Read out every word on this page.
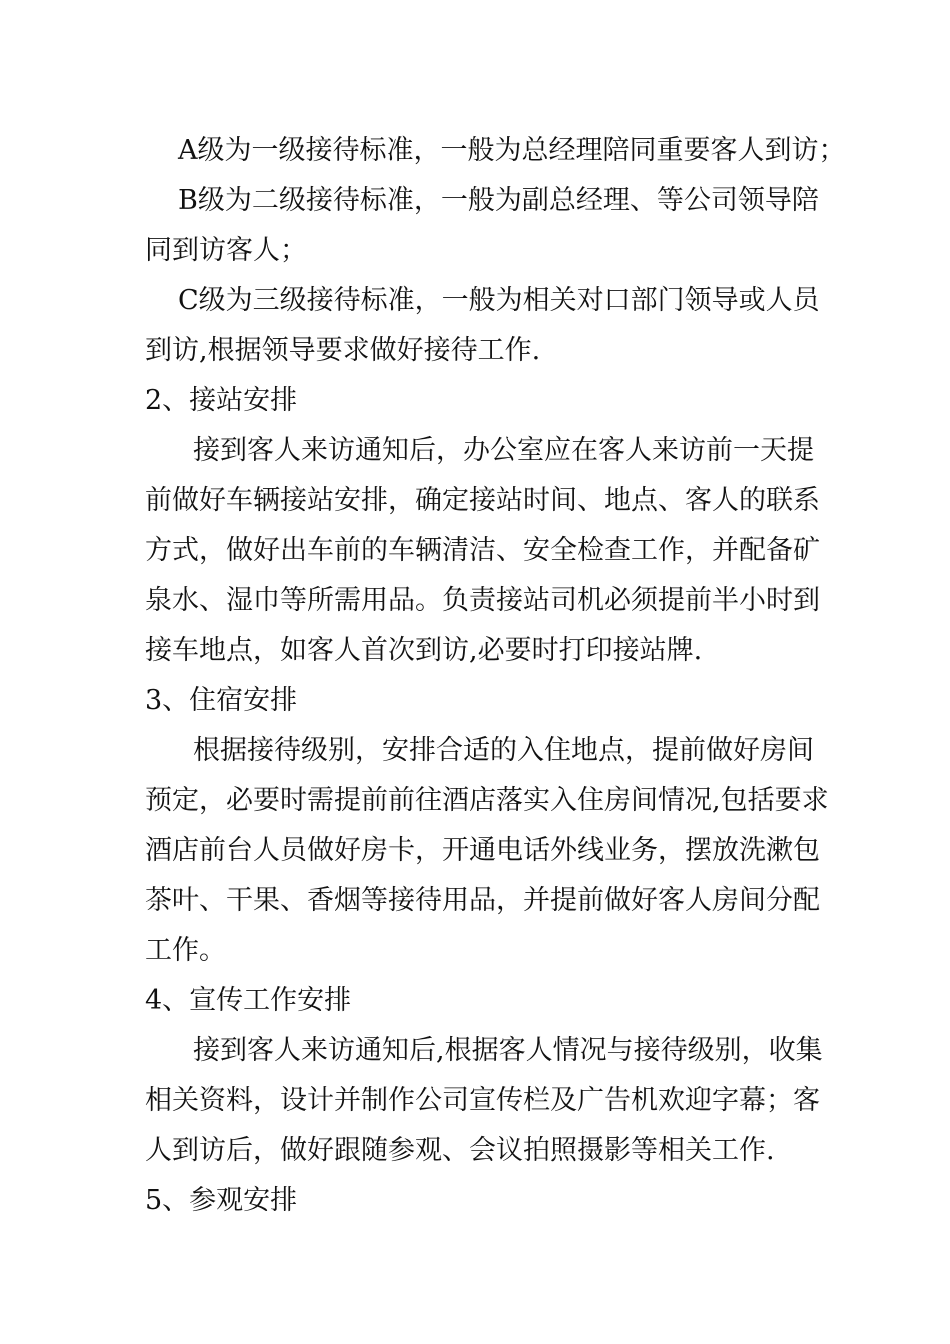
A级为一级接待标准，一般为总经理陪同重要客人到访；
B级为二级接待标准，一般为副总经理、等公司领导陪
同到访客人；
C级为三级接待标准，一般为相关对口部门领导或人员
到访,根据领导要求做好接待工作.
2、接站安排
接到客人来访通知后，办公室应在客人来访前一天提
前做好车辆接站安排，确定接站时间、地点、客人的联系
方式，做好出车前的车辆清洁、安全检查工作，并配备矿
泉水、湿巾等所需用品。负责接站司机必须提前半小时到
接车地点，如客人首次到访,必要时打印接站牌.
3、住宿安排
根据接待级别，安排合适的入住地点，提前做好房间
预定，必要时需提前前往酒店落实入住房间情况,包括要求
酒店前台人员做好房卡，开通电话外线业务，摆放洗漱包
茶叶、干果、香烟等接待用品，并提前做好客人房间分配
工作。
4、宣传工作安排
接到客人来访通知后,根据客人情况与接待级别，收集
相关资料，设计并制作公司宣传栏及广告机欢迎字幕；客
人到访后，做好跟随参观、会议拍照摄影等相关工作.
5、参观安排
